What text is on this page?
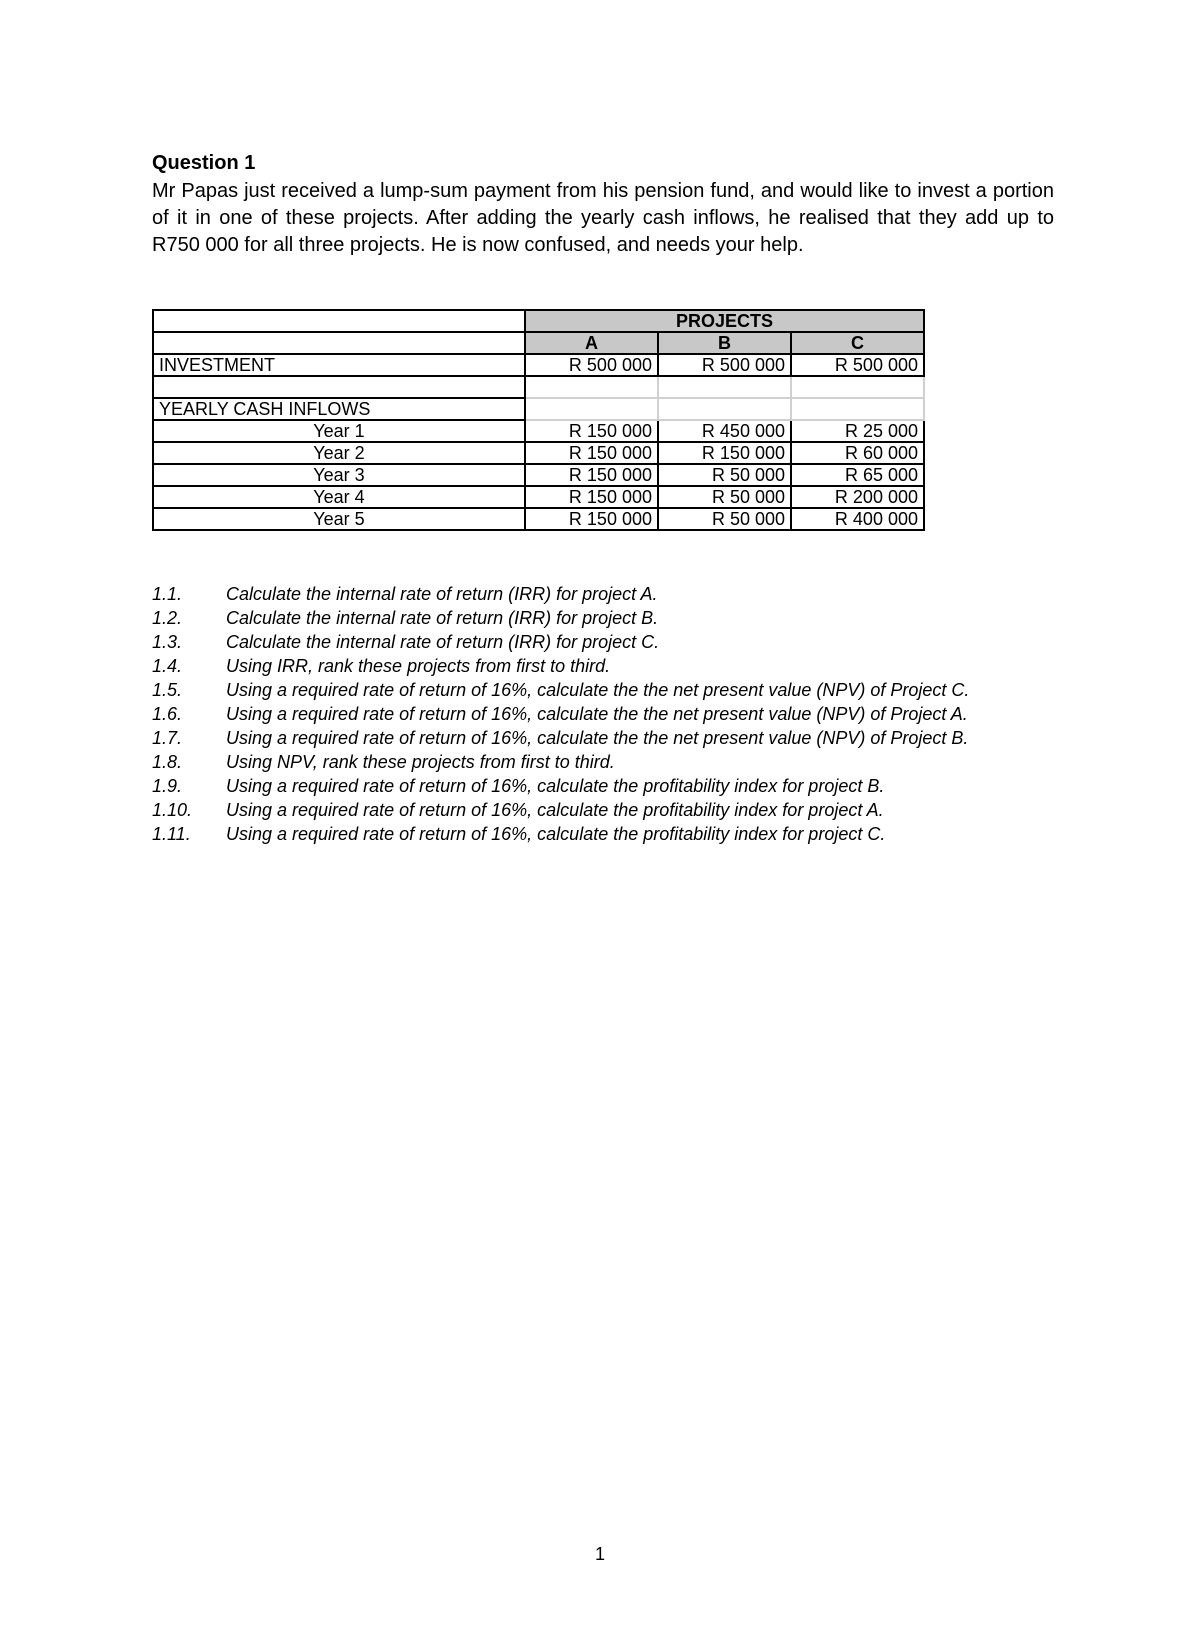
Question 1

Mr Papas just received a lump-sum payment from his pension fund, and would like to invest a portion of it in one of these projects. After adding the yearly cash inflows, he realised that they add up to R750 000 for all three projects. He is now confused, and needs your help.

	PROJECTS		
	A	B	C
INVESTMENT	R 500 000	R 500 000	R 500 000

YEARLY CASH INFLOWS			
Year 1	R 150 000	R 450 000	R 25 000
Year 2	R 150 000	R 150 000	R 60 000
Year 3	R 150 000	R 50 000	R 65 000
Year 4	R 150 000	R 50 000	R 200 000
Year 5	R 150 000	R 50 000	R 400 000
1.1.	Calculate the internal rate of return (IRR) for project A.
1.2.	Calculate the internal rate of return (IRR) for project B.
1.3.	Calculate the internal rate of return (IRR) for project C.
1.4.	Using IRR, rank these projects from first to third.
1.5.	Using a required rate of return of 16%, calculate the the net present value (NPV) of Project C.
1.6.	Using a required rate of return of 16%, calculate the the net present value (NPV) of Project A.
1.7.	Using a required rate of return of 16%, calculate the the net present value (NPV) of Project B.
1.8.	Using NPV, rank these projects from first to third.
1.9.	Using a required rate of return of 16%, calculate the profitability index for project B.
1.10.	Using a required rate of return of 16%, calculate the profitability index for project A.
1.11.	Using a required rate of return of 16%, calculate the profitability index for project C.
1
